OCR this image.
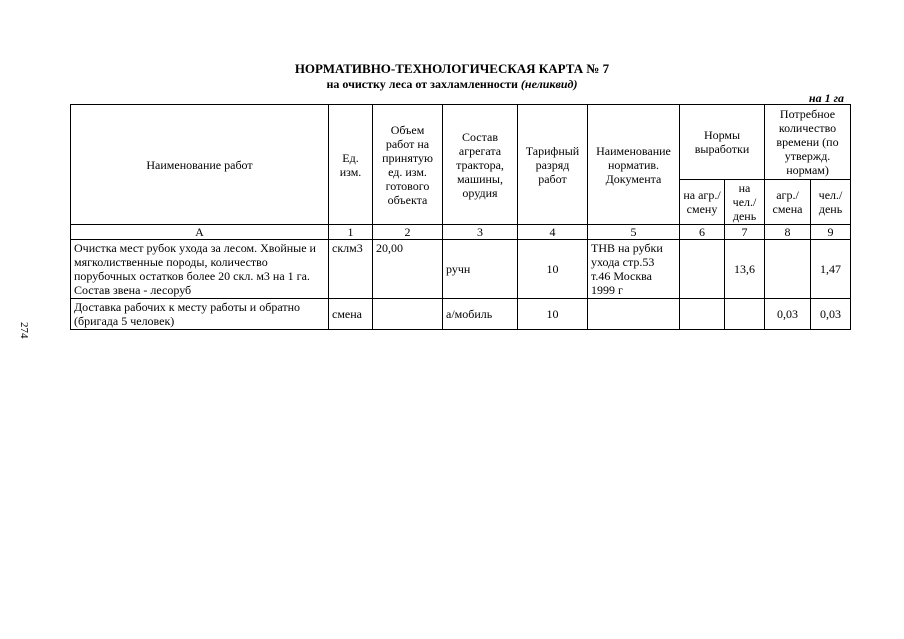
НОРМАТИВНО-ТЕХНОЛОГИЧЕСКАЯ КАРТА № 7
на очистку леса от захламленности (неликвид)
на 1 га
274
Наименование работ	Ед. изм.	Объем работ на принятую ед. изм. готового объекта	Состав агрегата трактора, машины, орудия	Тарифный разряд работ	Наименование норматив. Документа	Нормы выработки		Потребное количество времени (по утвержд. нормам)	
						на агр./ смену	на чел./ день	агр./ смена	чел./ день
А	1	2	3	4	5	6	7	8	9
Очистка мест рубок ухода за лесом. Хвойные и мягколиственные породы, количество порубочных остатков более 20 скл. м3 на 1 га. Состав звена - лесоруб	склм3	20,00	ручн	10	ТНВ на рубки ухода стр.53 т.46 Москва 1999 г		13,6		1,47
Доставка рабочих к месту работы и обратно (бригада 5 человек)	смена		а/мобиль	10				0,03	0,03
